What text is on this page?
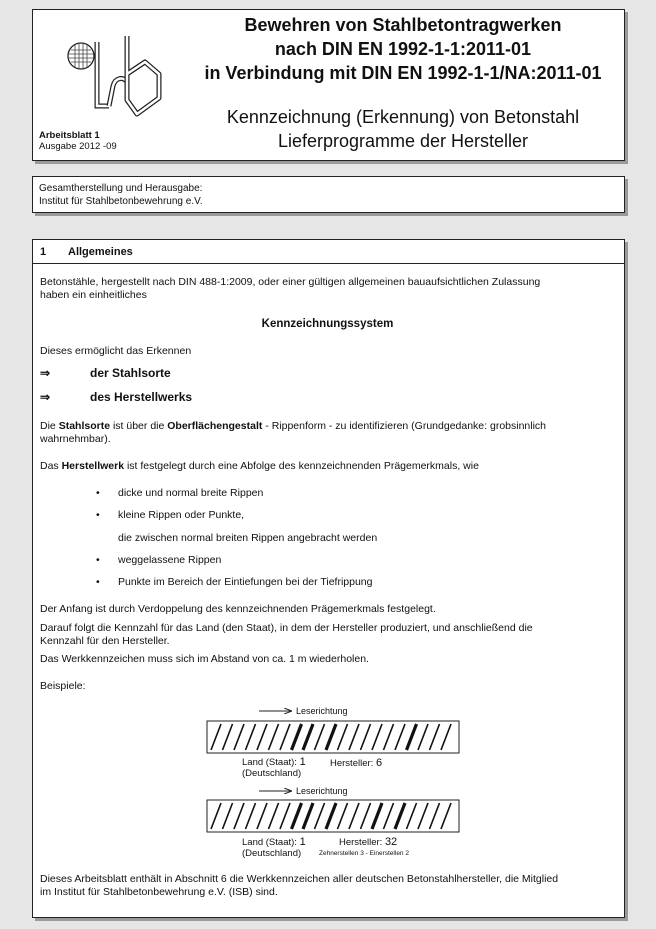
Arbeitsblatt 1
Ausgabe 2012 -09
Bewehren von Stahlbetontragwerken
nach DIN EN 1992-1-1:2011-01
in Verbindung mit DIN EN 1992-1-1/NA:2011-01
Kennzeichnung (Erkennung) von Betonstahl
Lieferprogramme der Hersteller
Gesamtherstellung und Herausgabe:
Institut für Stahlbetonbewehrung e.V.
1 Allgemeines
Betonstähle, hergestellt nach DIN 488-1:2009, oder einer gültigen allgemeinen bauaufsichtlichen Zulassung
haben ein einheitliches
Kennzeichnungssystem
Dieses ermöglicht das Erkennen
⇒	der Stahlsorte
⇒	des Herstellwerks
Die Stahlsorte ist über die Oberflächengestalt - Rippenform - zu identifizieren (Grundgedanke: grobsinnlich
wahrnehmbar).
Das Herstellwerk ist festgelegt durch eine Abfolge des kennzeichnenden Prägemerkmals, wie
• dicke und normal breite Rippen
• kleine Rippen oder Punkte,
die zwischen normal breiten Rippen angebracht werden
• weggelassene Rippen
• Punkte im Bereich der Eintiefungen bei der Tiefrippung
Der Anfang ist durch Verdoppelung des kennzeichnenden Prägemerkmals festgelegt.
Darauf folgt die Kennzahl für das Land (den Staat), in dem der Hersteller produziert, und anschließend die
Kennzahl für den Hersteller.
Das Werkkennzeichen muss sich im Abstand von ca. 1 m wiederholen.
Beispiele:
Leserichtung
Land (Staat): 1
(Deutschland)
Hersteller: 6
Leserichtung
Land (Staat): 1
(Deutschland)
Hersteller: 32
Zehnerstellen 3 - Einerstellen 2
Dieses Arbeitsblatt enthält in Abschnitt 6 die Werkkennzeichen aller deutschen Betonstahlhersteller, die Mitglied
im Institut für Stahlbetonbewehrung e.V. (ISB) sind.
